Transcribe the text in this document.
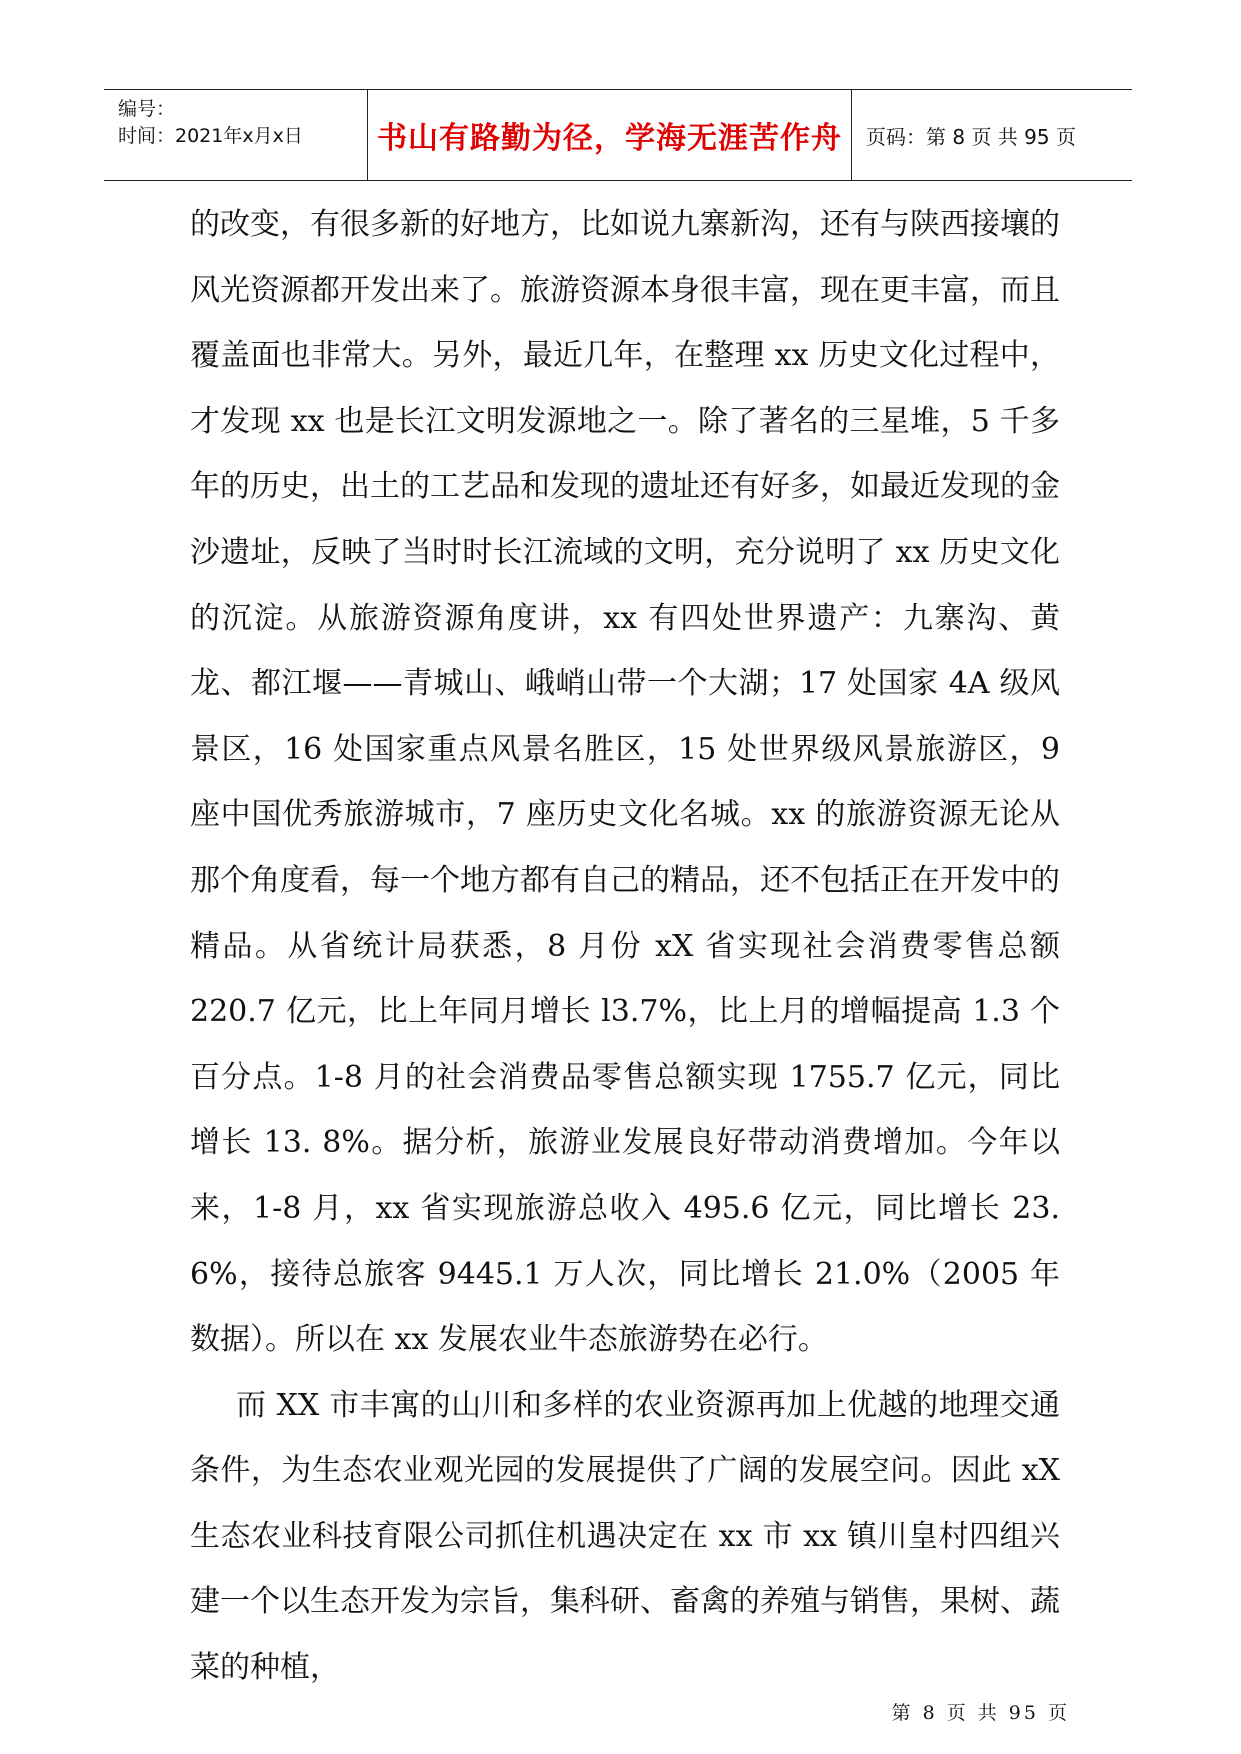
编号：
时间：2021年x月x日	书山有路勤为径，学海无涯苦作舟	页码：第 8 页 共 95 页

的改变，有很多新的好地方，比如说九寨新沟，还有与陕西接壤的风光资源都开发出来了。旅游资源本身很丰富，现在更丰富，而且覆盖面也非常大。另外，最近几年，在整理 xx 历史文化过程中，才发现 xx 也是长江文明发源地之一。除了著名的三星堆，5 千多年的历史，出土的工艺品和发现的遗址还有好多，如最近发现的金沙遗址，反映了当时时长江流域的文明，充分说明了 xx 历史文化的沉淀。从旅游资源角度讲，xx 有四处世界遗产：九寨沟、黄龙、都江堰——青城山、峨峭山带一个大湖；17 处国家 4A 级风景区，16 处国家重点风景名胜区，15 处世界级风景旅游区，9 座中国优秀旅游城市，7 座历史文化名城。xx 的旅游资源无论从那个角度看，每一个地方都有自己的精品，还不包括正在开发中的精品。从省统计局获悉，8 月份 xX 省实现社会消费零售总额 220.7 亿元，比上年同月增长 l3.7%，比上月的增幅提高 1.3 个百分点。1-8 月的社会消费品零售总额实现 1755.7 亿元，同比增长 13. 8%。据分析，旅游业发展良好带动消费增加。今年以来，1-8 月，xx 省实现旅游总收入 495.6 亿元，同比增长 23. 6%，接待总旅客 9445.1 万人次，同比增长 21.0%（2005 年数据）。所以在 xx 发展农业牛态旅游势在必行。

而 XX 市丰寓的山川和多样的农业资源再加上优越的地理交通条件，为生态农业观光园的发展提供了广阔的发展空问。因此 xX 生态农业科技育限公司抓住机遇决定在 xx 市 xx 镇川皇村四组兴建一个以生态开发为宗旨，集科研、畜禽的养殖与销售，果树、蔬菜的种植，

第 8 页 共 95 页
